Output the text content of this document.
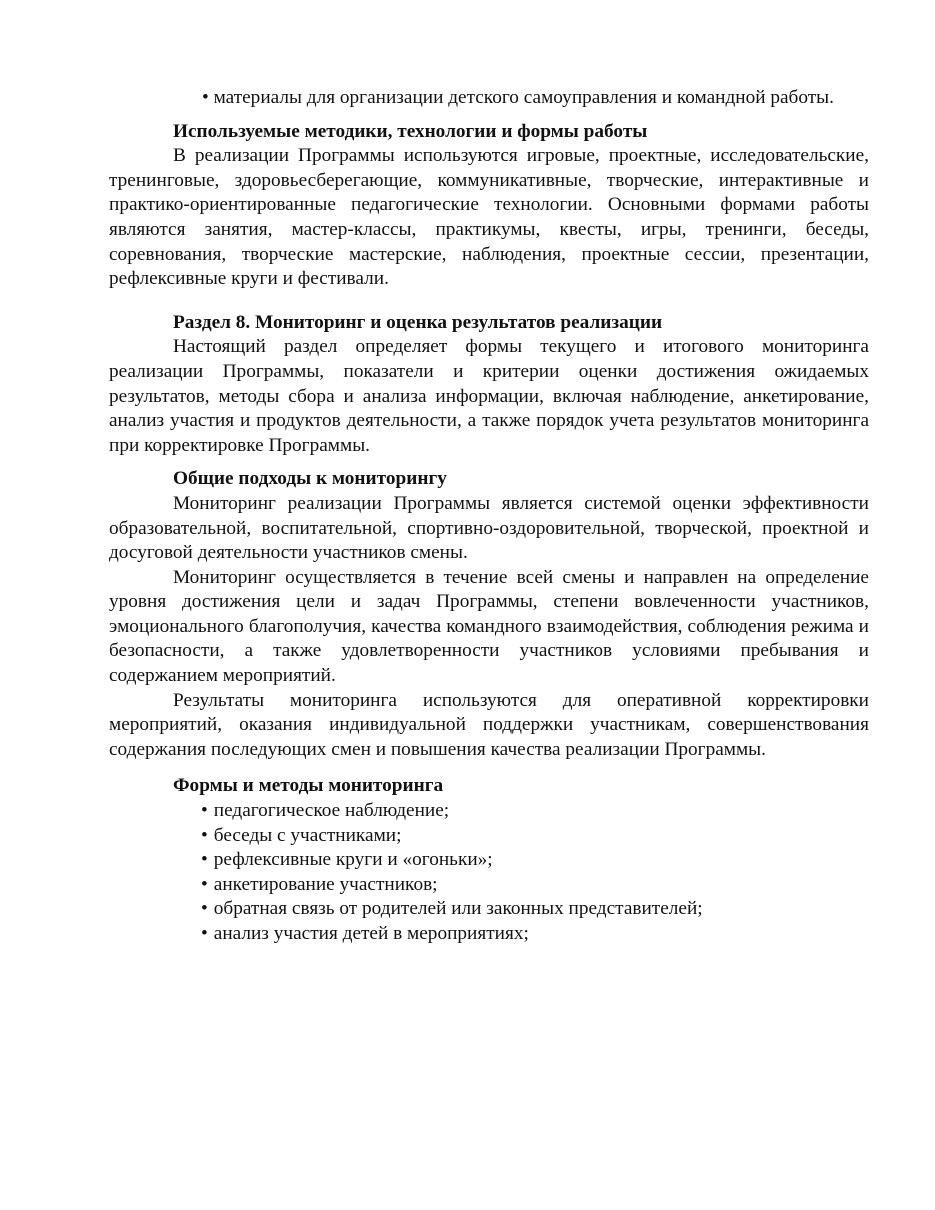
• материалы для организации детского самоуправления и командной работы.

Используемые методики, технологии и формы работы

В реализации Программы используются игровые, проектные, исследовательские, тренинговые, здоровьесберегающие, коммуникативные, творческие, интерактивные и практико-ориентированные педагогические технологии. Основными формами работы являются занятия, мастер-классы, практикумы, квесты, игры, тренинги, беседы, соревнования, творческие мастерские, наблюдения, проектные сессии, презентации, рефлексивные круги и фестивали.

Раздел 8. Мониторинг и оценка результатов реализации

Настоящий раздел определяет формы текущего и итогового мониторинга реализации Программы, показатели и критерии оценки достижения ожидаемых результатов, методы сбора и анализа информации, включая наблюдение, анкетирование, анализ участия и продуктов деятельности, а также порядок учета результатов мониторинга при корректировке Программы.

Общие подходы к мониторингу

Мониторинг реализации Программы является системой оценки эффективности образовательной, воспитательной, спортивно-оздоровительной, творческой, проектной и досуговой деятельности участников смены.

Мониторинг осуществляется в течение всей смены и направлен на определение уровня достижения цели и задач Программы, степени вовлеченности участников, эмоционального благополучия, качества командного взаимодействия, соблюдения режима и безопасности, а также удовлетворенности участников условиями пребывания и содержанием мероприятий.

Результаты мониторинга используются для оперативной корректировки мероприятий, оказания индивидуальной поддержки участникам, совершенствования содержания последующих смен и повышения качества реализации Программы.

Формы и методы мониторинга

• педагогическое наблюдение;
• беседы с участниками;
• рефлексивные круги и «огоньки»;
• анкетирование участников;
• обратная связь от родителей или законных представителей;
• анализ участия детей в мероприятиях;
